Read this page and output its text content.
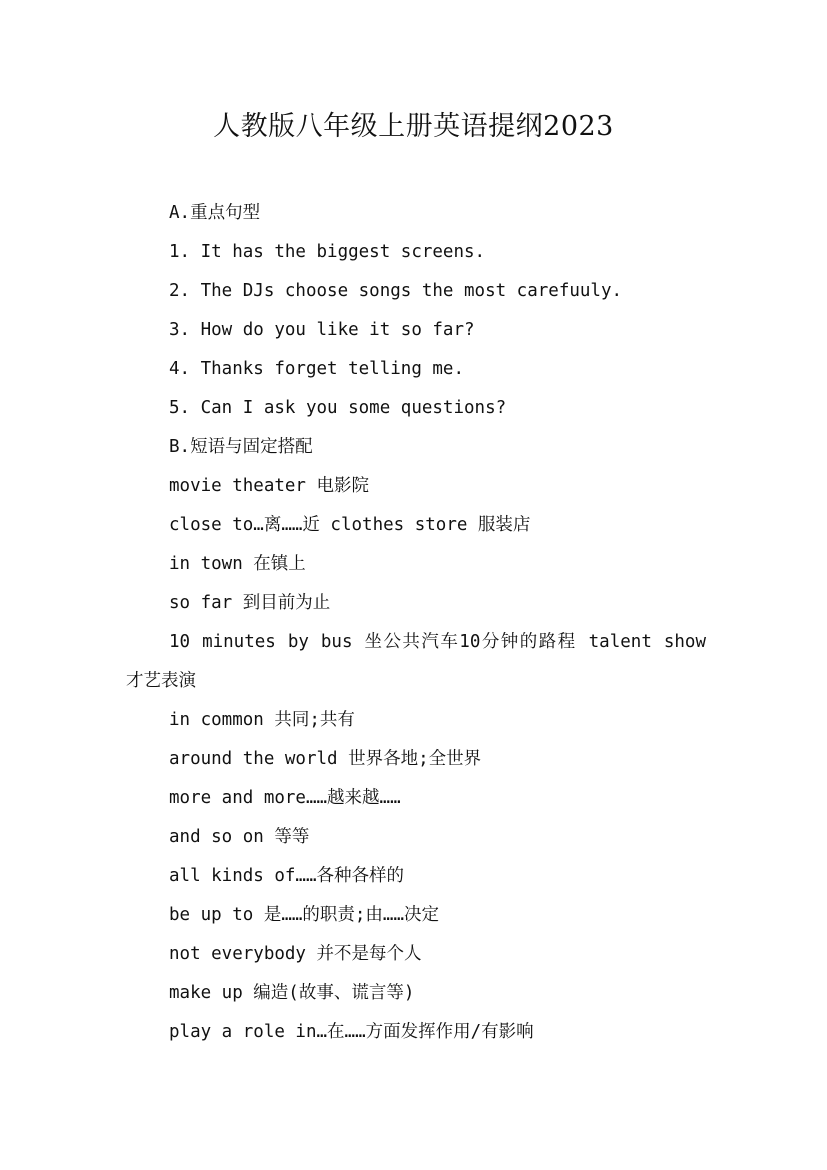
人教版八年级上册英语提纲2023
A.重点句型
1. It has the biggest screens.
2. The DJs choose songs the most carefuuly.
3. How do you like it so far?
4. Thanks forget telling me.
5. Can I ask you some questions?
B.短语与固定搭配
movie theater 电影院
close to…离……近 clothes store 服装店
in town 在镇上
so far 到目前为止
10 minutes by bus 坐公共汽车10分钟的路程 talent show 才艺表演
in common 共同;共有
around the world 世界各地;全世界
more and more……越来越……
and so on 等等
all kinds of……各种各样的
be up to 是……的职责;由……决定
not everybody 并不是每个人
make up 编造(故事、谎言等)
play a role in…在……方面发挥作用/有影响
